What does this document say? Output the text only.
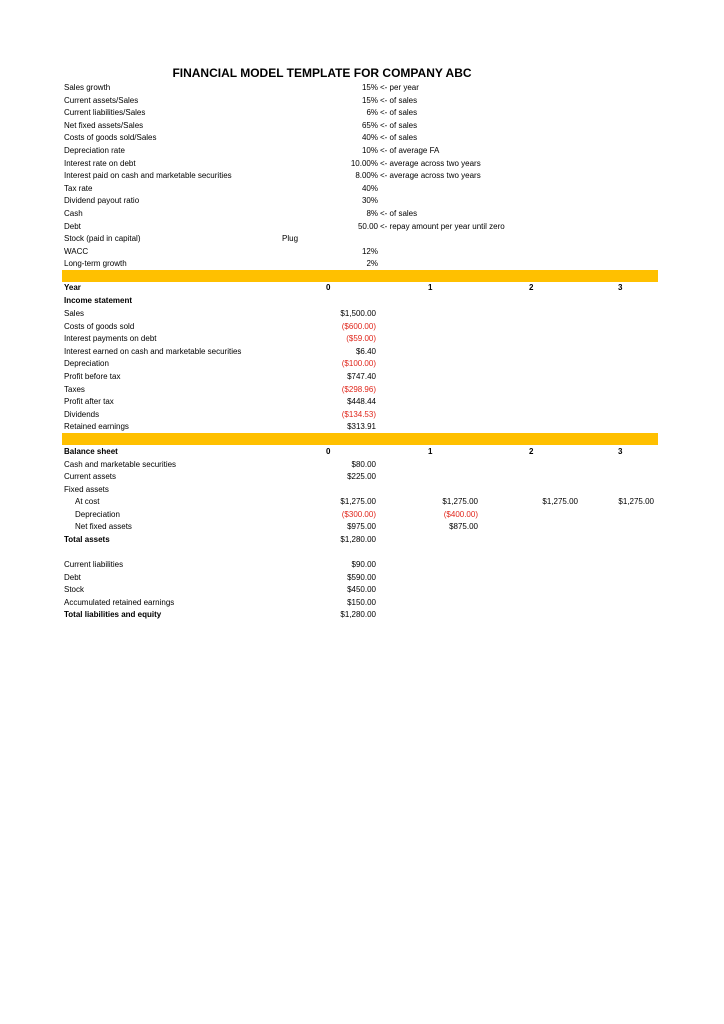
FINANCIAL MODEL TEMPLATE FOR COMPANY ABC
Sales growth	15% <- per year
Current assets/Sales	15% <- of sales
Current liabilities/Sales	6% <- of sales
Net fixed assets/Sales	65% <- of sales
Costs of goods sold/Sales	40% <- of sales
Depreciation rate	10% <- of average FA
Interest rate on debt	10.00% <- average across two years
Interest paid on cash and marketable securities	8.00% <- average across two years
Tax rate	40%
Dividend payout ratio	30%
Cash	8% <- of sales
Debt	50.00 <- repay amount per year until zero
Stock (paid in capital)	Plug
WACC	12%
Long-term growth	2%
Year	0	1	2	3
Income statement
Sales	$1,500.00
Costs of goods sold	($600.00)
Interest payments on debt	($59.00)
Interest earned on cash and marketable securities	$6.40
Depreciation	($100.00)
Profit before tax	$747.40
Taxes	($298.96)
Profit after tax	$448.44
Dividends	($134.53)
Retained earnings	$313.91
Balance sheet	0	1	2	3
Cash and marketable securities	$80.00
Current assets	$225.00
Fixed assets
At cost	$1,275.00	$1,275.00	$1,275.00	$1,275.00
Depreciation	($300.00)	($400.00)
Net fixed assets	$975.00	$875.00
Total assets	$1,280.00
Current liabilities	$90.00
Debt	$590.00
Stock	$450.00
Accumulated retained earnings	$150.00
Total liabilities and equity	$1,280.00
